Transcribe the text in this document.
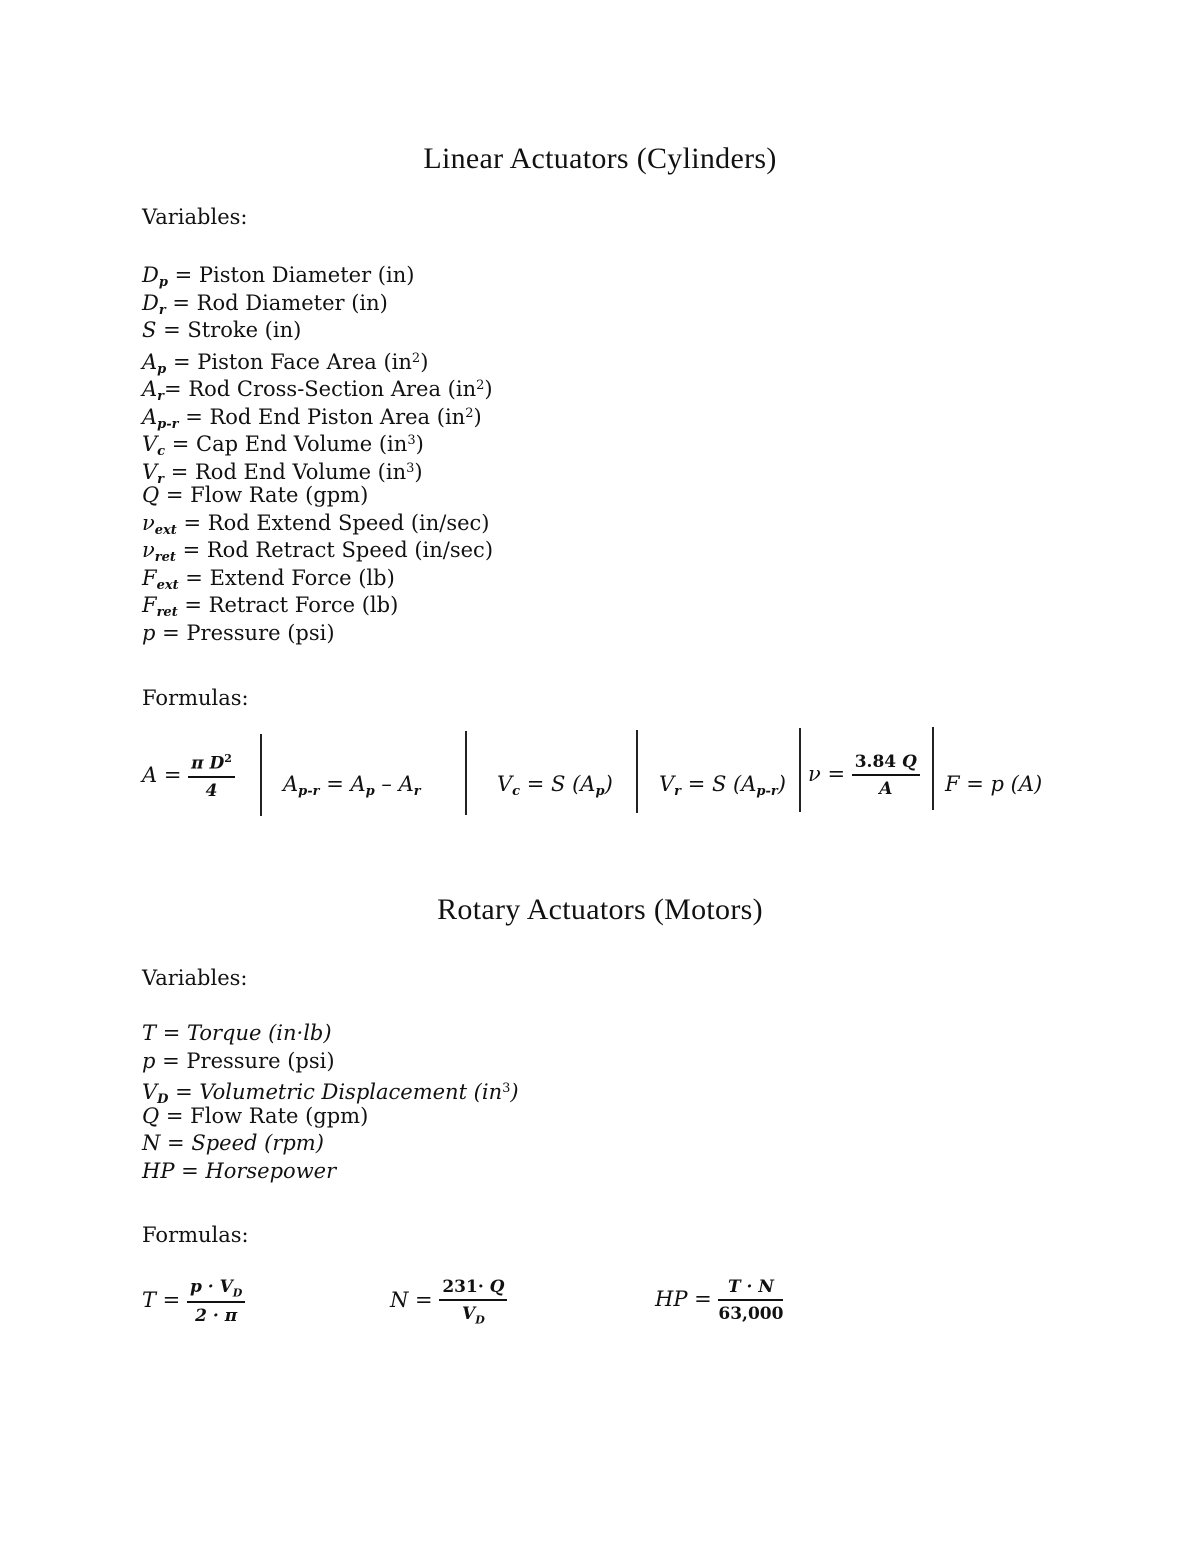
Linear Actuators (Cylinders)
Variables:
$D_p$ = Piston Diameter (in)
$D_r$ = Rod Diameter (in)
S = Stroke (in)
$A_p$ = Piston Face Area $(in^2)$
$A_r=$ Rod Cross-Section Area $(in^2)$
$A_{p-r}$ = Rod End Piston Area $(in^2)$
$V_c$ = Cap End Volume $(in^3)$
$V_r$ = Rod End Volume $(in^3)$
Q = Flow Rate (gpm)
$\nu_{ext}$ = Rod Extend Speed (in/sec)
$\nu_{ret}$ = Rod Retract Speed (in/sec)
$F_{ext}$ = Extend Force (lb)
$F_{ret}$ = Retract Force (lb)
p = Pressure (psi)
Formulas:
$A = \frac{\pi D^2}{4} A_{p-r} = A_p - A_r$	$V_c = S$ $(A_p) V_r = S$ $(A_{p-r}) \nu = \frac{3.84 Q}{A}$ F = p (A)
Rotary Actuators (Motors)
Variables:
T = Torque (in·lb)
p = Pressure (psi)
$V_D$ = Volumetric Displacement $(in^3)$
Q = Flow Rate (gpm)
N = Speed (rpm)
HP = Horsepower
Formulas:
$T = \frac{p \cdot V_D}{2 \cdot \pi}$	$N = \frac{231\cdot Q}{V_D}$	HP = $\frac{T \cdot N}{63,000}$
